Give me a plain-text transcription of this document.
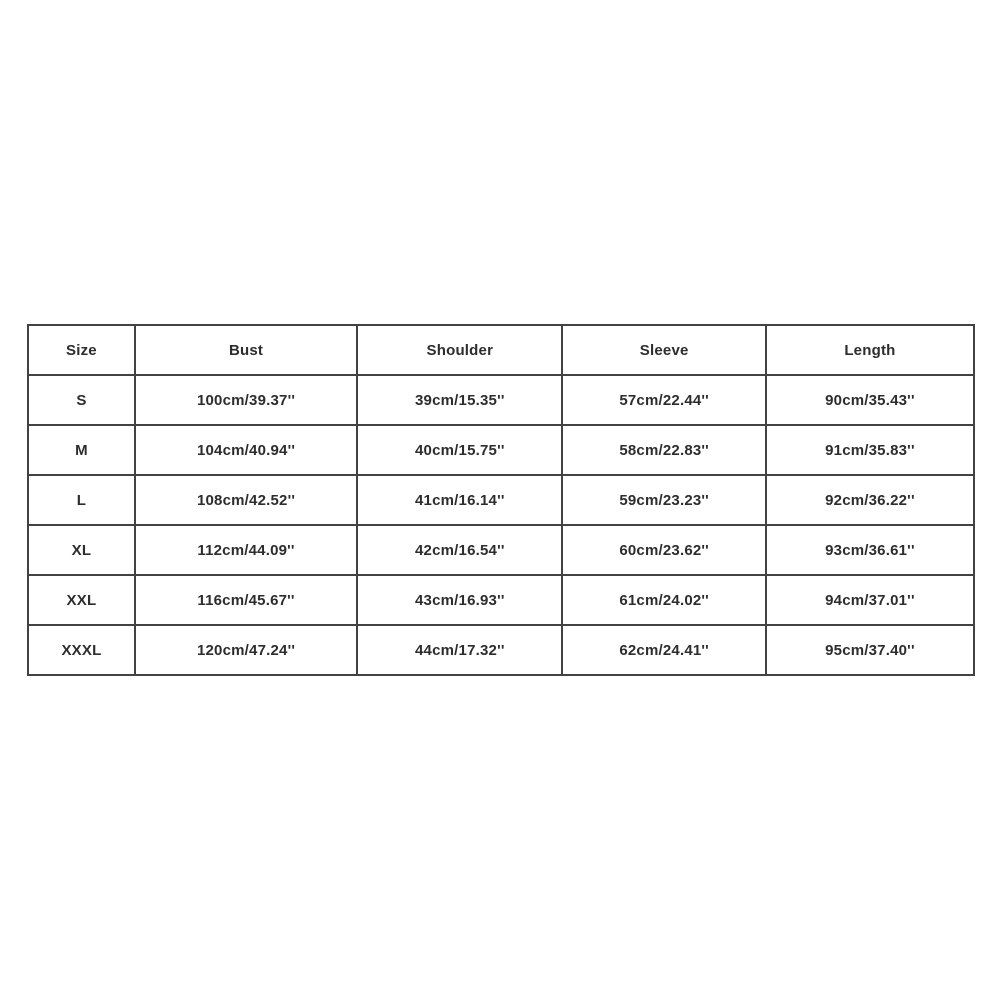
Size	Bust	Shoulder	Sleeve	Length
S	100cm/39.37''	39cm/15.35''	57cm/22.44''	90cm/35.43''
M	104cm/40.94''	40cm/15.75''	58cm/22.83''	91cm/35.83''
L	108cm/42.52''	41cm/16.14''	59cm/23.23''	92cm/36.22''
XL	112cm/44.09''	42cm/16.54''	60cm/23.62''	93cm/36.61''
XXL	116cm/45.67''	43cm/16.93''	61cm/24.02''	94cm/37.01''
XXXL	120cm/47.24''	44cm/17.32''	62cm/24.41''	95cm/37.40''
